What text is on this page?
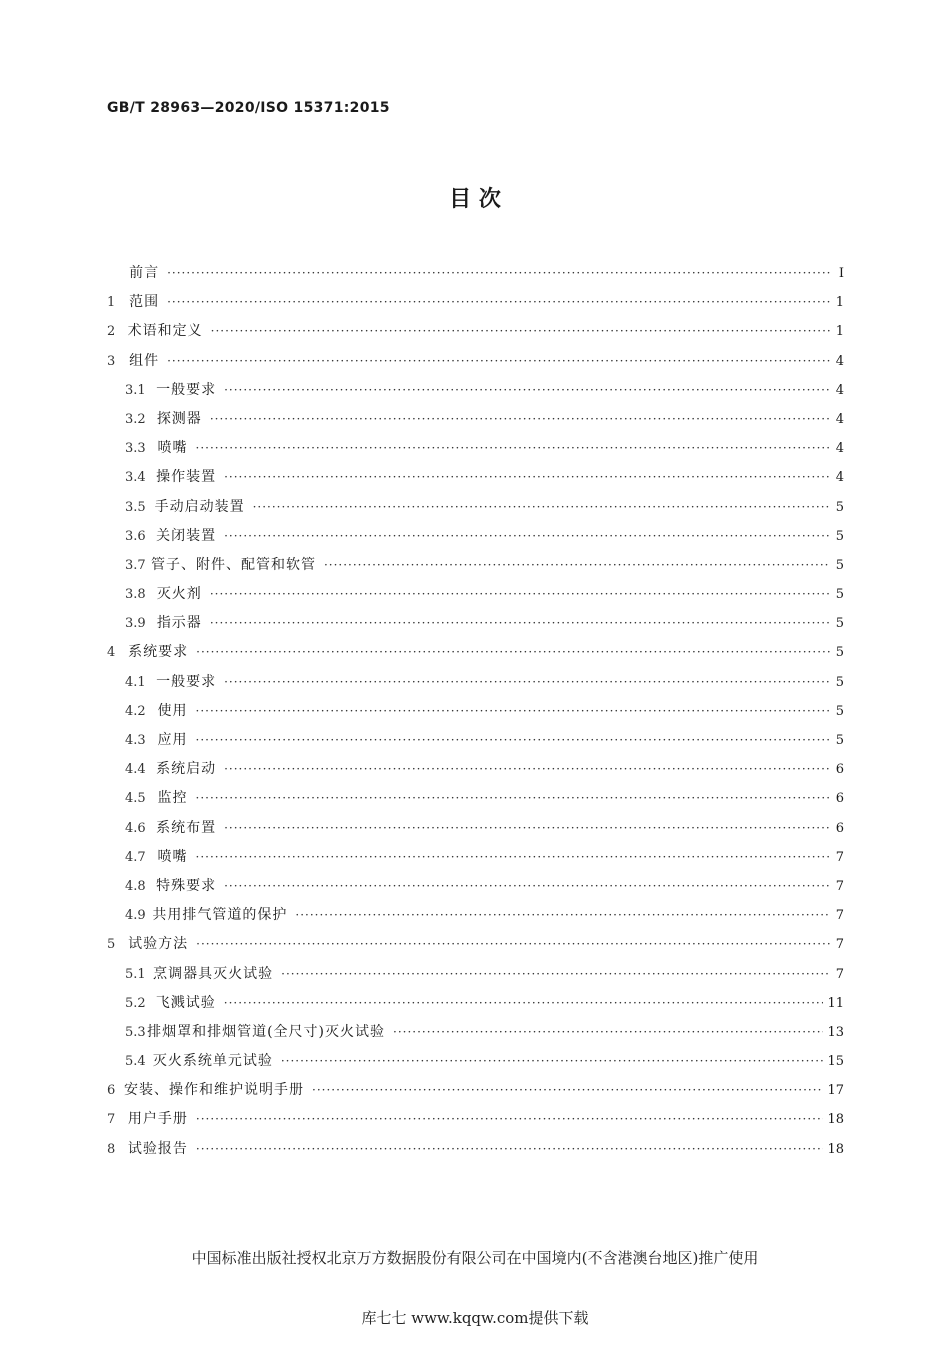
GB/T 28963—2020/ISO 15371:2015
目 次
前言 ·····	Ⅰ
1 范围 ·····	1
2 术语和定义 ·····	1
3 组件 ·····	4
3.1 一般要求 ·····	4
3.2 探测器 ·····	4
3.3 喷嘴 ·····	4
3.4 操作装置 ·····	4
3.5 手动启动装置 ·····	5
3.6 关闭装置 ·····	5
3.7 管子、附件、配管和软管 ·····	5
3.8 灭火剂 ·····	5
3.9 指示器 ·····	5
4 系统要求 ·····	5
4.1 一般要求 ·····	5
4.2 使用 ·····	5
4.3 应用 ·····	5
4.4 系统启动 ·····	6
4.5 监控 ·····	6
4.6 系统布置 ·····	6
4.7 喷嘴 ·····	7
4.8 特殊要求 ·····	7
4.9 共用排气管道的保护 ·····	7
5 试验方法 ·····	7
5.1 烹调器具灭火试验 ·····	7
5.2 飞溅试验 ·····	11
5.3 排烟罩和排烟管道(全尺寸)灭火试验 ·····	13
5.4 灭火系统单元试验 ·····	15
6 安装、操作和维护说明手册 ·····	17
7 用户手册 ·····	18
8 试验报告 ·····	18
中国标准出版社授权北京万方数据股份有限公司在中国境内(不含港澳台地区)推广使用
库七七 www.kqqw.com提供下载
